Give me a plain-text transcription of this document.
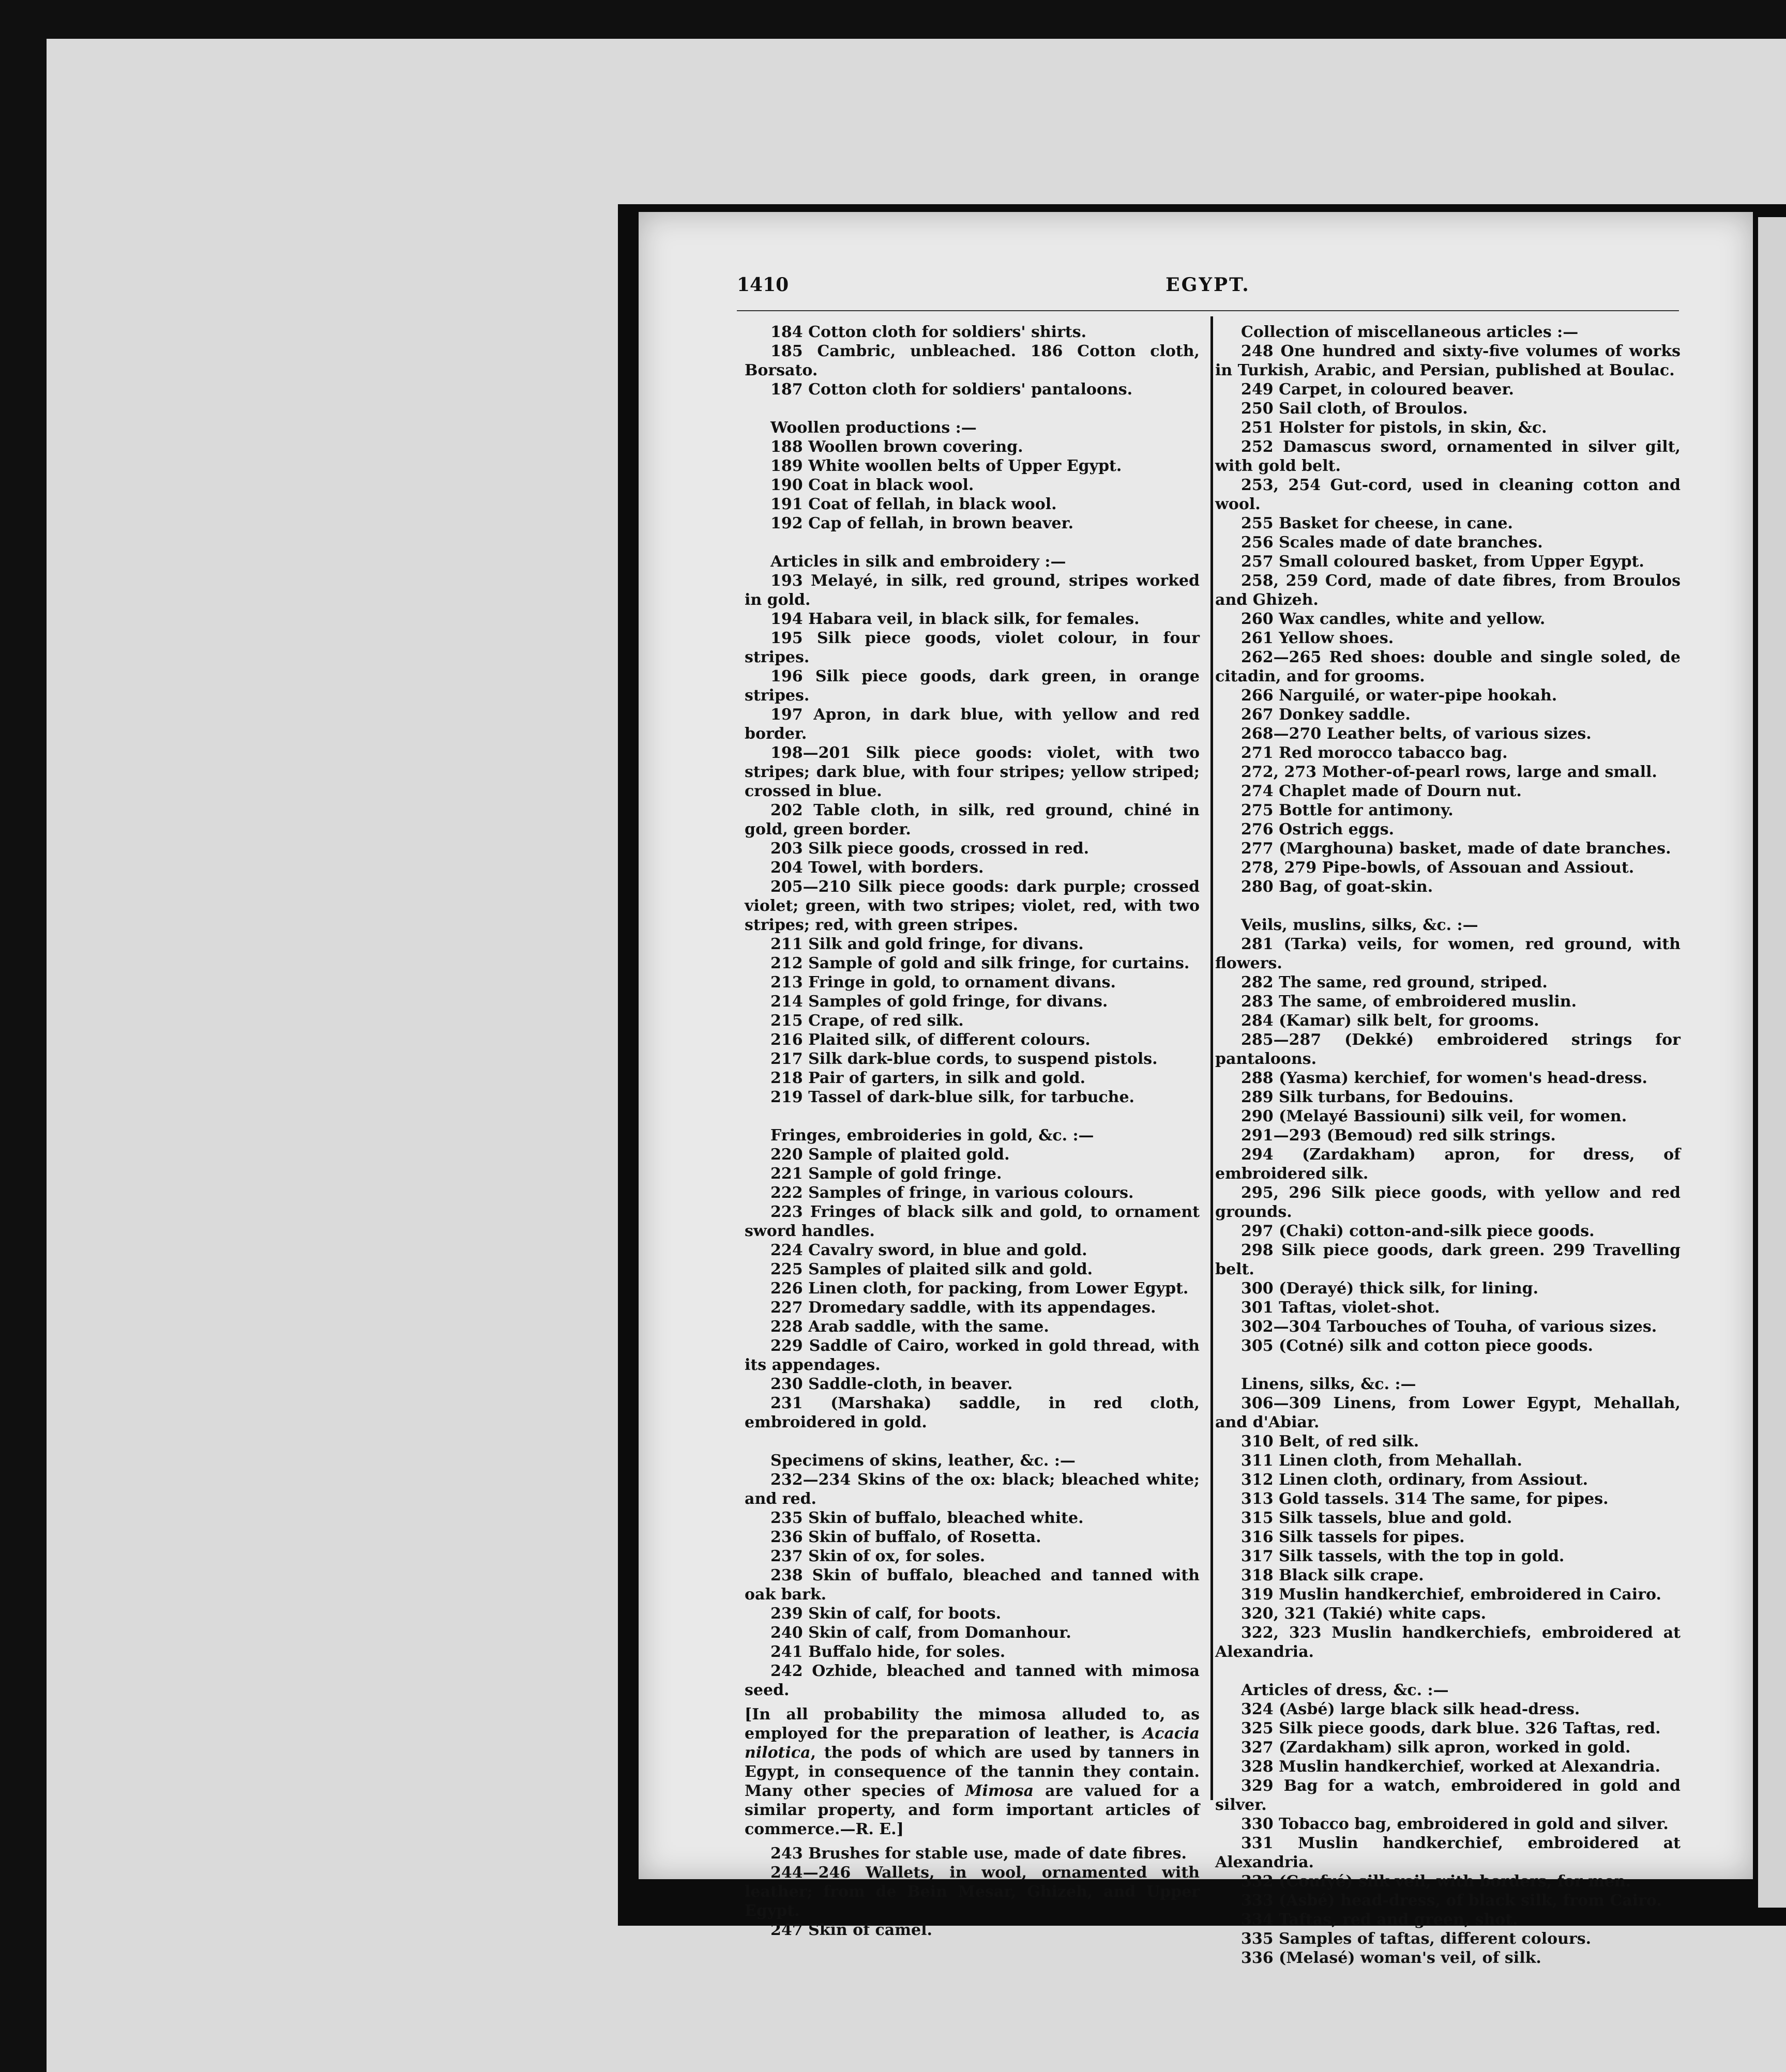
1410	EGYPT.

184 Cotton cloth for soldiers' shirts.

185 Cambric, unbleached. 186 Cotton cloth, Borsato.

187 Cotton cloth for soldiers' pantaloons.

Woollen productions :—

188 Woollen brown covering.

189 White woollen belts of Upper Egypt.

190 Coat in black wool.

191 Coat of fellah, in black wool.

192 Cap of fellah, in brown beaver.

Articles in silk and embroidery :—

193 Melayé, in silk, red ground, stripes worked in gold.

194 Habara veil, in black silk, for females.

195 Silk piece goods, violet colour, in four stripes.

196 Silk piece goods, dark green, in orange stripes.

197 Apron, in dark blue, with yellow and red border.

198—201 Silk piece goods: violet, with two stripes; dark blue, with four stripes; yellow striped; crossed in blue.

202 Table cloth, in silk, red ground, chiné in gold, green border.

203 Silk piece goods, crossed in red.

204 Towel, with borders.

205—210 Silk piece goods: dark purple; crossed violet; green, with two stripes; violet, red, with two stripes; red, with green stripes.

211 Silk and gold fringe, for divans.

212 Sample of gold and silk fringe, for curtains.

213 Fringe in gold, to ornament divans.

214 Samples of gold fringe, for divans.

215 Crape, of red silk.

216 Plaited silk, of different colours.

217 Silk dark-blue cords, to suspend pistols.

218 Pair of garters, in silk and gold.

219 Tassel of dark-blue silk, for tarbuche.

Fringes, embroideries in gold, &c. :—

220 Sample of plaited gold.

221 Sample of gold fringe.

222 Samples of fringe, in various colours.

223 Fringes of black silk and gold, to ornament sword handles.

224 Cavalry sword, in blue and gold.

225 Samples of plaited silk and gold.

226 Linen cloth, for packing, from Lower Egypt.

227 Dromedary saddle, with its appendages.

228 Arab saddle, with the same.

229 Saddle of Cairo, worked in gold thread, with its appendages.

230 Saddle-cloth, in beaver.

231 (Marshaka) saddle, in red cloth, embroidered in gold.

Specimens of skins, leather, &c. :—

232—234 Skins of the ox: black; bleached white; and red.

235 Skin of buffalo, bleached white.

236 Skin of buffalo, of Rosetta.

237 Skin of ox, for soles.

238 Skin of buffalo, bleached and tanned with oak bark.

239 Skin of calf, for boots.

240 Skin of calf, from Domanhour.

241 Buffalo hide, for soles.

242 Ozhide, bleached and tanned with mimosa seed.

[In all probability the mimosa alluded to, as employed for the preparation of leather, is Acacia nilotica, the pods of which are used by tanners in Egypt, in consequence of the tannin they contain. Many other species of Mimosa are valued for a similar property, and form important articles of commerce.—R. E.]

243 Brushes for stable use, made of date fibres.

244—246 Wallets, in wool, ornamented with leather; from de Bein Mesar, Ghizeh, and Upper Egypt.

247 Skin of camel.

Collection of miscellaneous articles :—

248 One hundred and sixty-five volumes of works in Turkish, Arabic, and Persian, published at Boulac.

249 Carpet, in coloured beaver.

250 Sail cloth, of Broulos.

251 Holster for pistols, in skin, &c.

252 Damascus sword, ornamented in silver gilt, with gold belt.

253, 254 Gut-cord, used in cleaning cotton and wool.

255 Basket for cheese, in cane.

256 Scales made of date branches.

257 Small coloured basket, from Upper Egypt.

258, 259 Cord, made of date fibres, from Broulos and Ghizeh.

260 Wax candles, white and yellow.

261 Yellow shoes.

262—265 Red shoes: double and single soled, de citadin, and for grooms.

266 Narguilé, or water-pipe hookah.

267 Donkey saddle.

268—270 Leather belts, of various sizes.

271 Red morocco tabacco bag.

272, 273 Mother-of-pearl rows, large and small.

274 Chaplet made of Dourn nut.

275 Bottle for antimony.

276 Ostrich eggs.

277 (Marghouna) basket, made of date branches.

278, 279 Pipe-bowls, of Assouan and Assiout.

280 Bag, of goat-skin.

Veils, muslins, silks, &c. :—

281 (Tarka) veils, for women, red ground, with flowers.

282 The same, red ground, striped.

283 The same, of embroidered muslin.

284 (Kamar) silk belt, for grooms.

285—287 (Dekké) embroidered strings for pantaloons.

288 (Yasma) kerchief, for women's head-dress.

289 Silk turbans, for Bedouins.

290 (Melayé Bassiouni) silk veil, for women.

291—293 (Bemoud) red silk strings.

294 (Zardakham) apron, for dress, of embroidered silk.

295, 296 Silk piece goods, with yellow and red grounds.

297 (Chaki) cotton-and-silk piece goods.

298 Silk piece goods, dark green. 299 Travelling belt.

300 (Derayé) thick silk, for lining.

301 Taftas, violet-shot.

302—304 Tarbouches of Touha, of various sizes.

305 (Cotné) silk and cotton piece goods.

Linens, silks, &c. :—

306—309 Linens, from Lower Egypt, Mehallah, and d'Abiar.

310 Belt, of red silk.

311 Linen cloth, from Mehallah.

312 Linen cloth, ordinary, from Assiout.

313 Gold tassels. 314 The same, for pipes.

315 Silk tassels, blue and gold.

316 Silk tassels for pipes.

317 Silk tassels, with the top in gold.

318 Black silk crape.

319 Muslin handkerchief, embroidered in Cairo.

320, 321 (Takié) white caps.

322, 323 Muslin handkerchiefs, embroidered at Alexandria.

Articles of dress, &c. :—

324 (Asbé) large black silk head-dress.

325 Silk piece goods, dark blue. 326 Taftas, red.

327 (Zardakham) silk apron, worked in gold.

328 Muslin handkerchief, worked at Alexandria.

329 Bag for a watch, embroidered in gold and silver.

330 Tobacco bag, embroidered in gold and silver.

331 Muslin handkerchief, embroidered at Alexandria.

332 (Coufyé) silk veil, with borders, for men.

333 (Asbé) head-dress, of black silk, from Cairo.

334 Taftas, red and green, shot.

335 Samples of taftas, different colours.

336 (Melasé) woman's veil, of silk.
